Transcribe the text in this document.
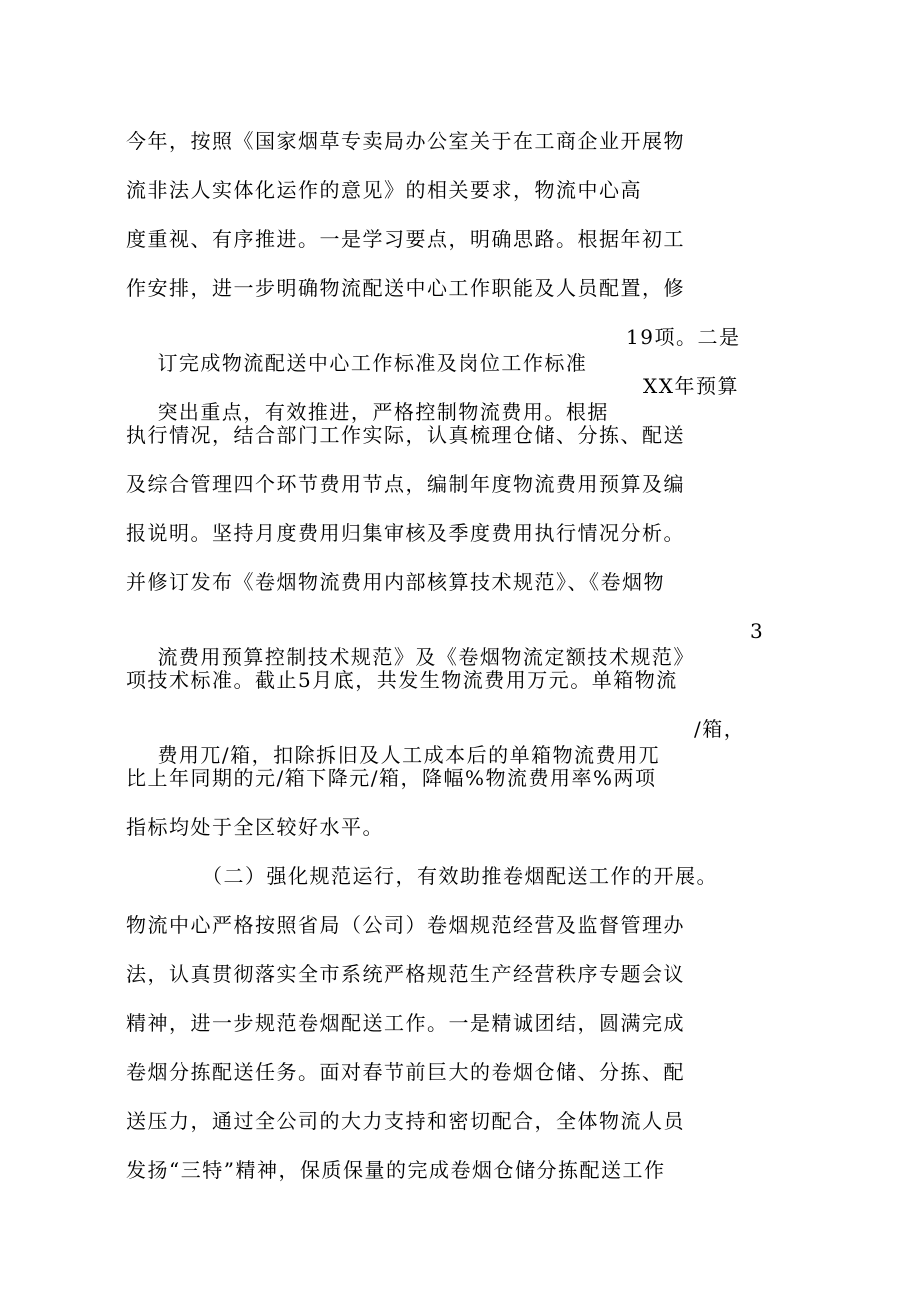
今年，按照《国家烟草专卖局办公室关于在工商企业开展物
流非法人实体化运作的意见》的相关要求，物流中心高
度重视、有序推进。一是学习要点，明确思路。根据年初工
作安排，进一步明确物流配送中心工作职能及人员配置，修

订完成物流配送中心工作标准及岗位工作标准

19项。二是

突出重点，有效推进，严格控制物流费用。根据

XX年预算

执行情况，结合部门工作实际，认真梳理仓储、分拣、配送
及综合管理四个环节费用节点，编制年度物流费用预算及编
报说明。坚持月度费用归集审核及季度费用执行情况分析。
并修订发布《卷烟物流费用内部核算技术规范》、《卷烟物

流费用预算控制技术规范》及《卷烟物流定额技术规范》

3

项技术标准。截止5月底，共发生物流费用万元。单箱物流

费用兀/箱，扣除拆旧及人工成本后的单箱物流费用兀

/箱，

比上年同期的元/箱下降元/箱，降幅%物流费用率%两项
指标均处于全区较好水平。
（二）强化规范运行，有效助推卷烟配送工作的开展。
物流中心严格按照省局（公司）卷烟规范经营及监督管理办
法，认真贯彻落实全市系统严格规范生产经营秩序专题会议
精神，进一步规范卷烟配送工作。一是精诚团结，圆满完成
卷烟分拣配送任务。面对春节前巨大的卷烟仓储、分拣、配
送压力，通过全公司的大力支持和密切配合，全体物流人员
发扬“三特”精神，保质保量的完成卷烟仓储分拣配送工作
